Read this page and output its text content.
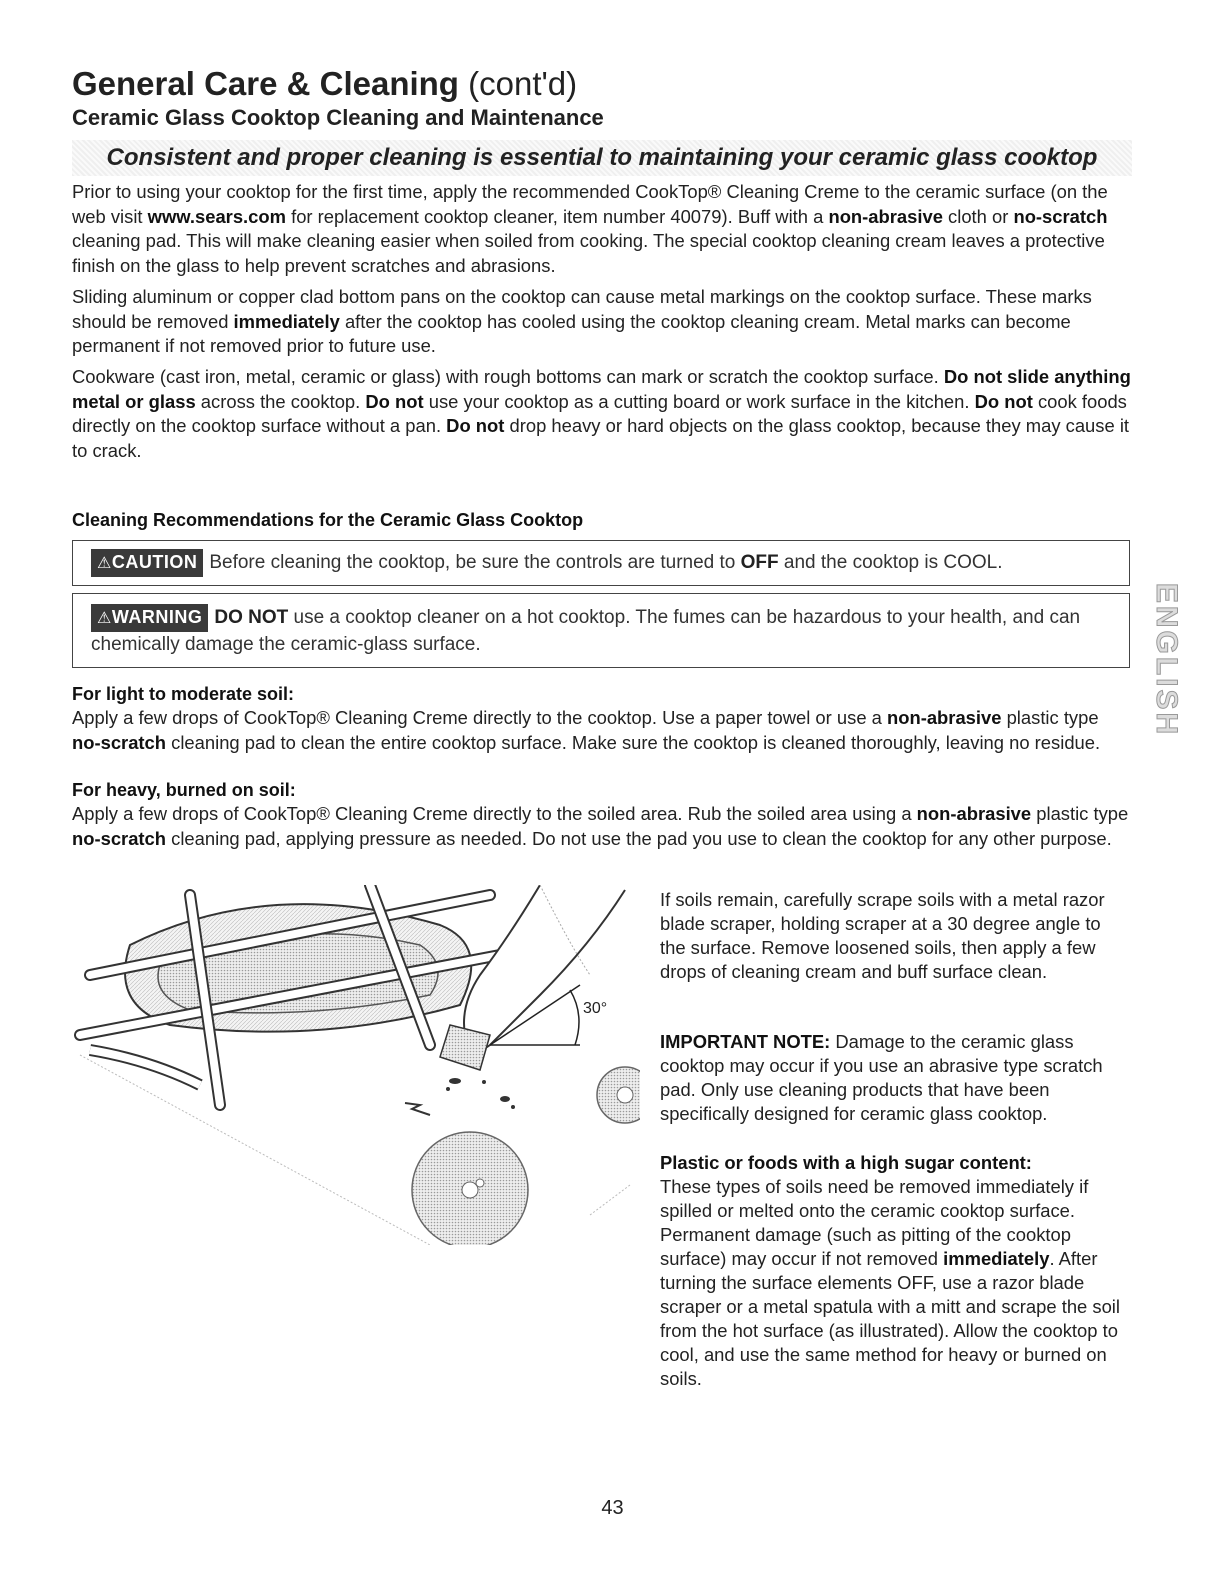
General Care & Cleaning (cont'd)
Ceramic Glass Cooktop Cleaning and Maintenance
Consistent and proper cleaning is essential to maintaining your ceramic glass cooktop
Prior to using your cooktop for the first time, apply the recommended CookTop® Cleaning Creme to the ceramic surface (on the web visit www.sears.com for replacement cooktop cleaner, item number 40079). Buff with a non-abrasive cloth or no-scratch cleaning pad. This will make cleaning easier when soiled from cooking. The special cooktop cleaning cream leaves a protective finish on the glass to help prevent scratches and abrasions.
Sliding aluminum or copper clad bottom pans on the cooktop can cause metal markings on the cooktop surface. These marks should be removed immediately after the cooktop has cooled using the cooktop cleaning cream. Metal marks can become permanent if not removed prior to future use.
Cookware (cast iron, metal, ceramic or glass) with rough bottoms can mark or scratch the cooktop surface. Do not slide anything metal or glass across the cooktop. Do not use your cooktop as a cutting board or work surface in the kitchen. Do not cook foods directly on the cooktop surface without a pan. Do not drop heavy or hard objects on the glass cooktop, because they may cause it to crack.
Cleaning Recommendations for the Ceramic Glass Cooktop
⚠CAUTION Before cleaning the cooktop, be sure the controls are turned to OFF and the cooktop is COOL.
⚠WARNING DO NOT use a cooktop cleaner on a hot cooktop. The fumes can be hazardous to your health, and can chemically damage the ceramic-glass surface.	ENGLISH
For light to moderate soil:
Apply a few drops of CookTop® Cleaning Creme directly to the cooktop. Use a paper towel or use a non-abrasive plastic type no-scratch cleaning pad to clean the entire cooktop surface. Make sure the cooktop is cleaned thoroughly, leaving no residue.
For heavy, burned on soil:
Apply a few drops of CookTop® Cleaning Creme directly to the soiled area. Rub the soiled area using a non-abrasive plastic type no-scratch cleaning pad, applying pressure as needed. Do not use the pad you use to clean the cooktop for any other purpose.
30°
If soils remain, carefully scrape soils with a metal razor blade scraper, holding scraper at a 30 degree angle to the surface. Remove loosened soils, then apply a few drops of cleaning cream and buff surface clean.
IMPORTANT NOTE: Damage to the ceramic glass cooktop may occur if you use an abrasive type scratch pad. Only use cleaning products that have been specifically designed for ceramic glass cooktop.
Plastic or foods with a high sugar content:
These types of soils need be removed immediately if spilled or melted onto the ceramic cooktop surface. Permanent damage (such as pitting of the cooktop surface) may occur if not removed immediately. After turning the surface elements OFF, use a razor blade scraper or a metal spatula with a mitt and scrape the soil from the hot surface (as illustrated). Allow the cooktop to cool, and use the same method for heavy or burned on soils.
43
